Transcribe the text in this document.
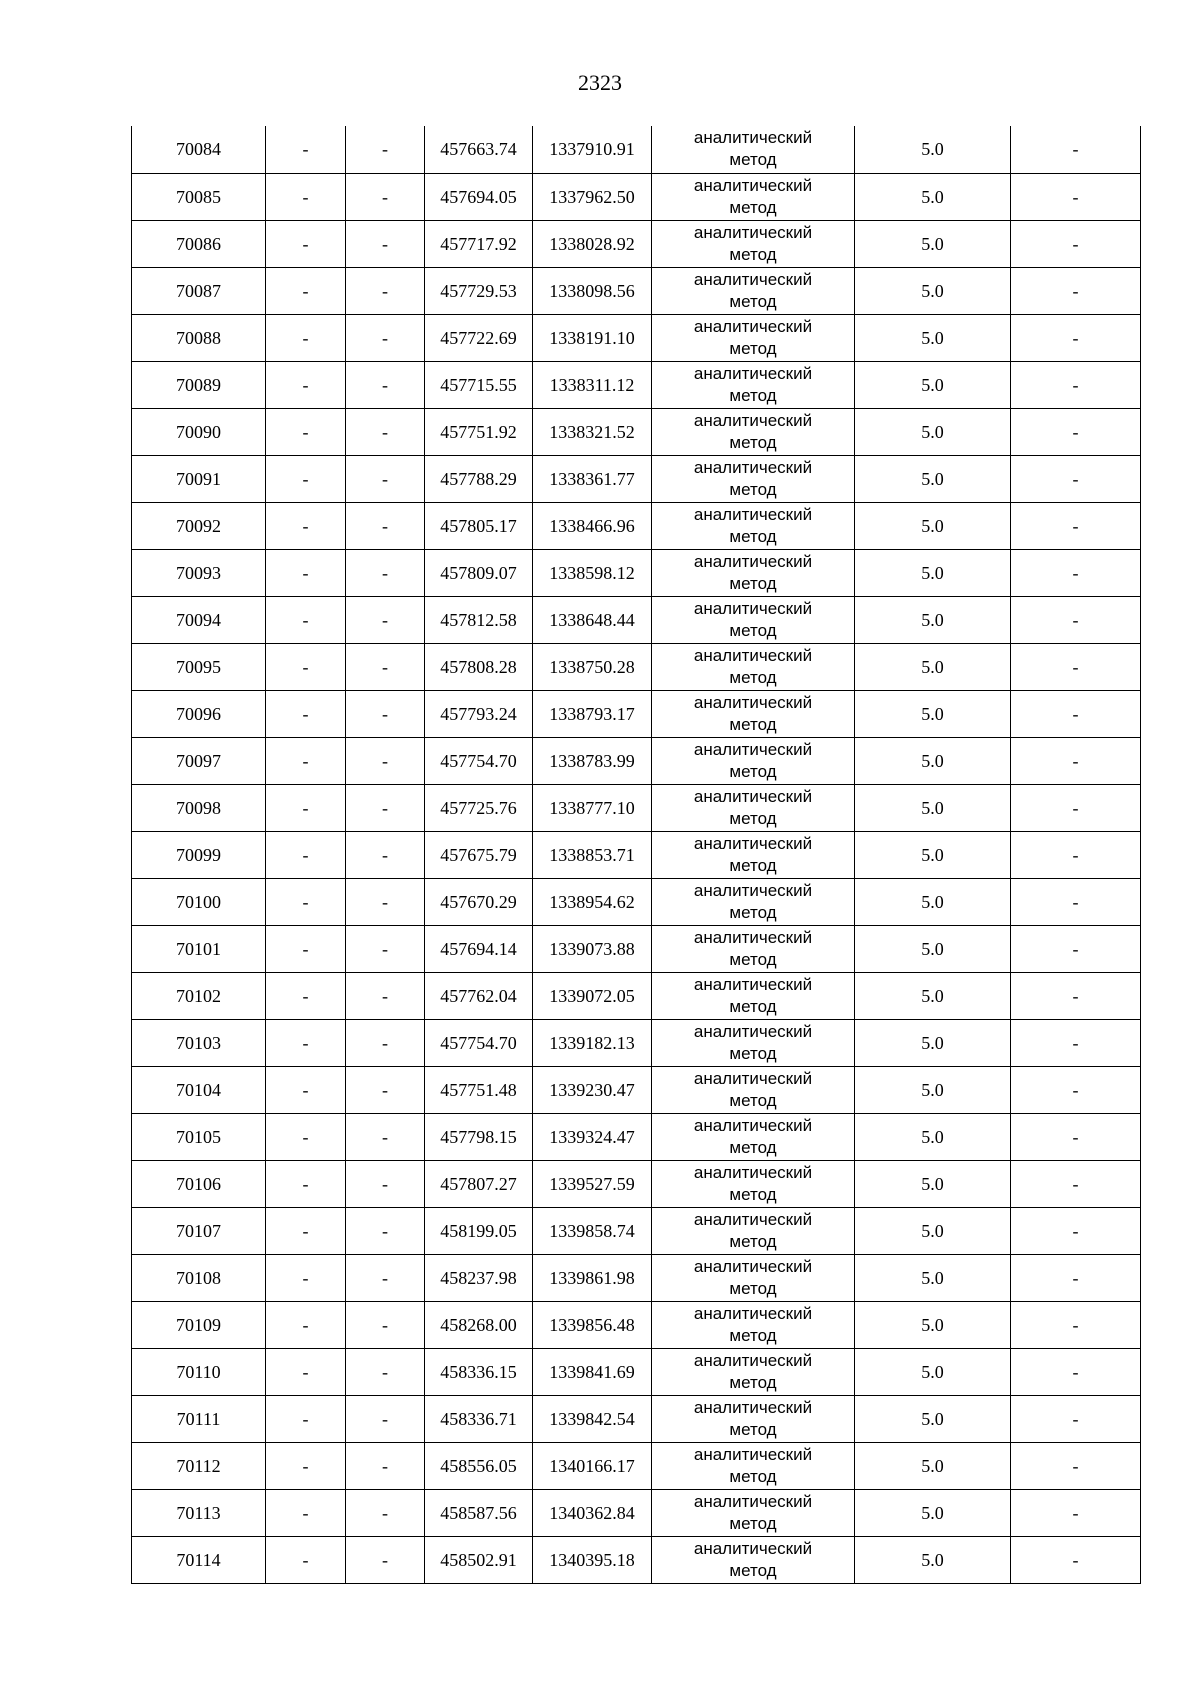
2323
70084	-	-	457663.74	1337910.91	аналитический
метод	5.0	-
70085	-	-	457694.05	1337962.50	аналитический
метод	5.0	-
70086	-	-	457717.92	1338028.92	аналитический
метод	5.0	-
70087	-	-	457729.53	1338098.56	аналитический
метод	5.0	-
70088	-	-	457722.69	1338191.10	аналитический
метод	5.0	-
70089	-	-	457715.55	1338311.12	аналитический
метод	5.0	-
70090	-	-	457751.92	1338321.52	аналитический
метод	5.0	-
70091	-	-	457788.29	1338361.77	аналитический
метод	5.0	-
70092	-	-	457805.17	1338466.96	аналитический
метод	5.0	-
70093	-	-	457809.07	1338598.12	аналитический
метод	5.0	-
70094	-	-	457812.58	1338648.44	аналитический
метод	5.0	-
70095	-	-	457808.28	1338750.28	аналитический
метод	5.0	-
70096	-	-	457793.24	1338793.17	аналитический
метод	5.0	-
70097	-	-	457754.70	1338783.99	аналитический
метод	5.0	-
70098	-	-	457725.76	1338777.10	аналитический
метод	5.0	-
70099	-	-	457675.79	1338853.71	аналитический
метод	5.0	-
70100	-	-	457670.29	1338954.62	аналитический
метод	5.0	-
70101	-	-	457694.14	1339073.88	аналитический
метод	5.0	-
70102	-	-	457762.04	1339072.05	аналитический
метод	5.0	-
70103	-	-	457754.70	1339182.13	аналитический
метод	5.0	-
70104	-	-	457751.48	1339230.47	аналитический
метод	5.0	-
70105	-	-	457798.15	1339324.47	аналитический
метод	5.0	-
70106	-	-	457807.27	1339527.59	аналитический
метод	5.0	-
70107	-	-	458199.05	1339858.74	аналитический
метод	5.0	-
70108	-	-	458237.98	1339861.98	аналитический
метод	5.0	-
70109	-	-	458268.00	1339856.48	аналитический
метод	5.0	-
70110	-	-	458336.15	1339841.69	аналитический
метод	5.0	-
70111	-	-	458336.71	1339842.54	аналитический
метод	5.0	-
70112	-	-	458556.05	1340166.17	аналитический
метод	5.0	-
70113	-	-	458587.56	1340362.84	аналитический
метод	5.0	-
70114	-	-	458502.91	1340395.18	аналитический
метод	5.0	-
